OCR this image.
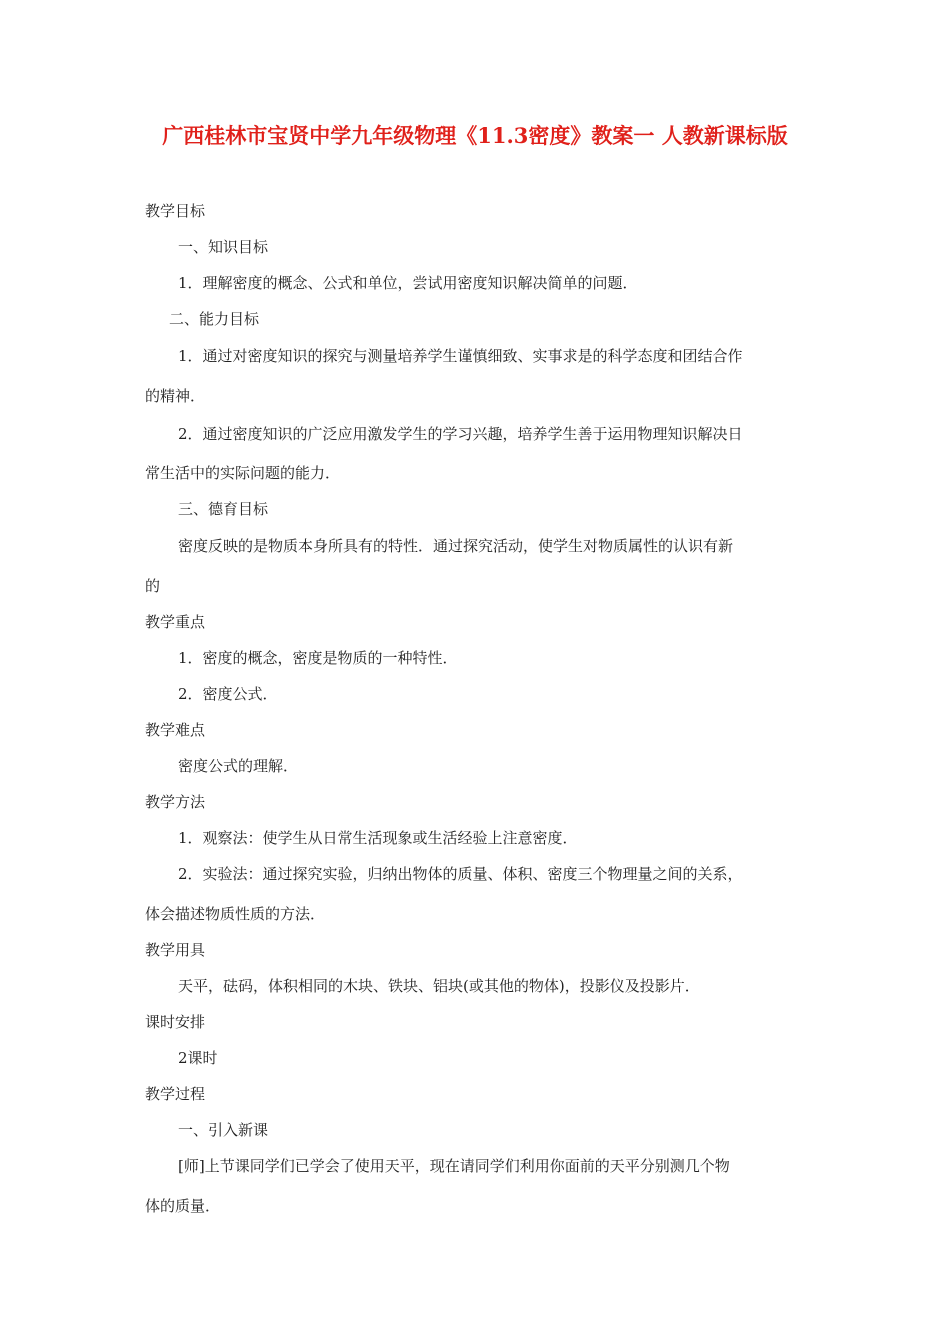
广西桂林市宝贤中学九年级物理《11.3密度》教案一 人教新课标版
教学目标
一、知识目标
1．理解密度的概念、公式和单位，尝试用密度知识解决简单的问题．
二、能力目标
1．通过对密度知识的探究与测量培养学生谨慎细致、实事求是的科学态度和团结合作
的精神．
2．通过密度知识的广泛应用激发学生的学习兴趣，培养学生善于运用物理知识解决日
常生活中的实际问题的能力．
三、德育目标
密度反映的是物质本身所具有的特性．通过探究活动，使学生对物质属性的认识有新
的
教学重点
1．密度的概念，密度是物质的一种特性．
2．密度公式．
教学难点
密度公式的理解．
教学方法
1．观察法：使学生从日常生活现象或生活经验上注意密度．
2．实验法：通过探究实验，归纳出物体的质量、体积、密度三个物理量之间的关系，
体会描述物质性质的方法．
教学用具
天平，砝码，体积相同的木块、铁块、铝块(或其他的物体)，投影仪及投影片．
课时安排
2课时
教学过程
一、引入新课
[师]上节课同学们已学会了使用天平，现在请同学们利用你面前的天平分别测几个物
体的质量．
